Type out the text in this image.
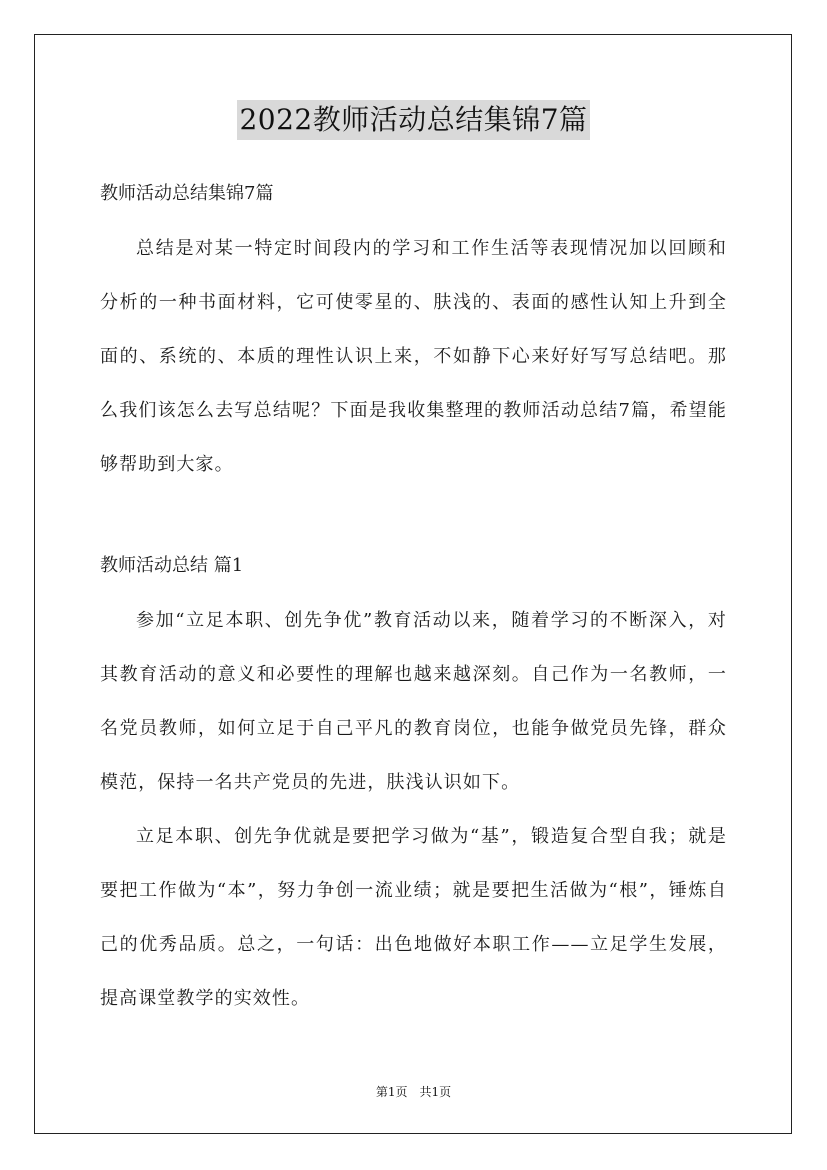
2022教师活动总结集锦7篇

教师活动总结集锦7篇

总结是对某一特定时间段内的学习和工作生活等表现情况加以回顾和分析的一种书面材料，它可使零星的、肤浅的、表面的感性认知上升到全面的、系统的、本质的理性认识上来，不如静下心来好好写写总结吧。那么我们该怎么去写总结呢？下面是我收集整理的教师活动总结7篇，希望能够帮助到大家。

教师活动总结 篇1

参加“立足本职、创先争优”教育活动以来，随着学习的不断深入，对其教育活动的意义和必要性的理解也越来越深刻。自己作为一名教师，一名党员教师，如何立足于自己平凡的教育岗位，也能争做党员先锋，群众模范，保持一名共产党员的先进，肤浅认识如下。

立足本职、创先争优就是要把学习做为“基”，锻造复合型自我；就是要把工作做为“本”，努力争创一流业绩；就是要把生活做为“根”，锤炼自己的优秀品质。总之，一句话：出色地做好本职工作——立足学生发展，提高课堂教学的实效性。

第1页　共1页
